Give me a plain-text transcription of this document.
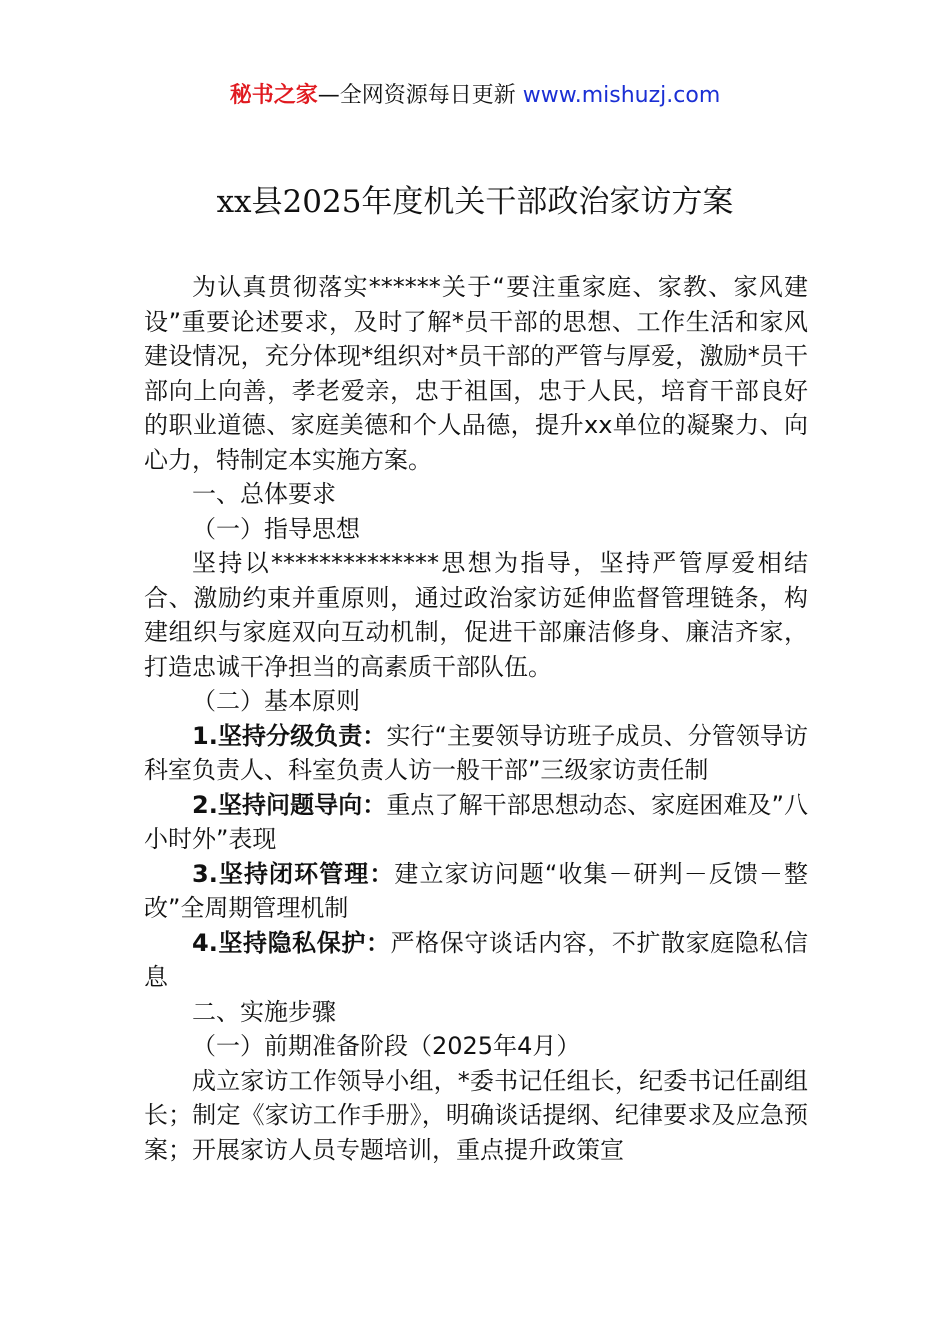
秘书之家—全网资源每日更新 www.mishuzj.com
xx县2025年度机关干部政治家访方案

为认真贯彻落实******关于“要注重家庭、家教、家风建设”重要论述要求，及时了解*员干部的思想、工作生活和家风建设情况，充分体现*组织对*员干部的严管与厚爱，激励*员干部向上向善，孝老爱亲，忠于祖国，忠于人民，培育干部良好的职业道德、家庭美德和个人品德，提升xx单位的凝聚力、向心力，特制定本实施方案。

一、总体要求

（一）指导思想

坚持以**************思想为指导，坚持严管厚爱相结合、激励约束并重原则，通过政治家访延伸监督管理链条，构建组织与家庭双向互动机制，促进干部廉洁修身、廉洁齐家，打造忠诚干净担当的高素质干部队伍。

（二）基本原则

1.坚持分级负责：实行“主要领导访班子成员、分管领导访科室负责人、科室负责人访一般干部”三级家访责任制

2.坚持问题导向：重点了解干部思想动态、家庭困难及”八小时外”表现

3.坚持闭环管理：建立家访问题“收集－研判－反馈－整改”全周期管理机制

4.坚持隐私保护：严格保守谈话内容，不扩散家庭隐私信息

二、实施步骤

（一）前期准备阶段（2025年4月）

成立家访工作领导小组，*委书记任组长，纪委书记任副组长；制定《家访工作手册》，明确谈话提纲、纪律要求及应急预案；开展家访人员专题培训，重点提升政策宣
